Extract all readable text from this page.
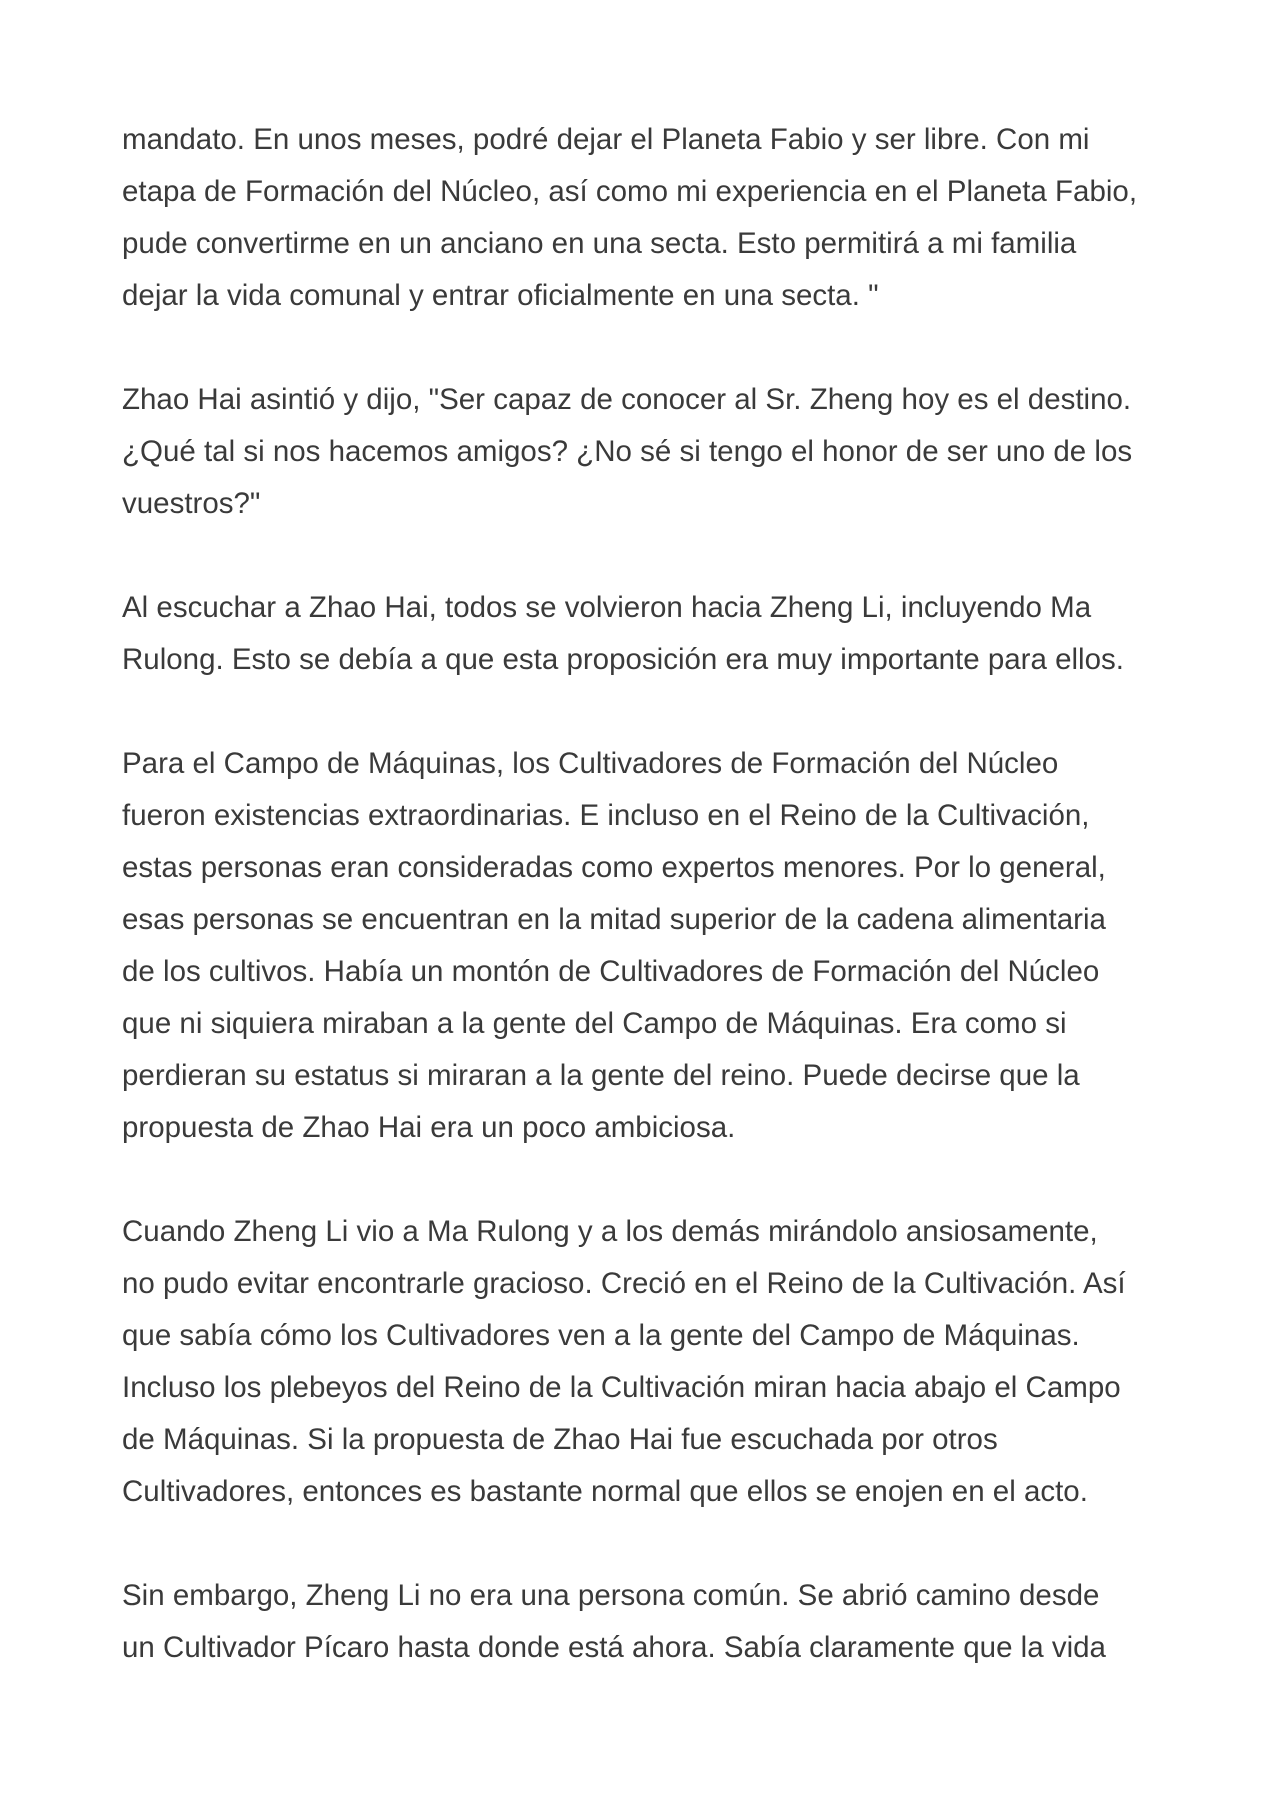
mandato. En unos meses, podré dejar el Planeta Fabio y ser libre. Con mi
etapa de Formación del Núcleo, así como mi experiencia en el Planeta Fabio,
pude convertirme en un anciano en una secta. Esto permitirá a mi familia
dejar la vida comunal y entrar oficialmente en una secta. "

Zhao Hai asintió y dijo, "Ser capaz de conocer al Sr. Zheng hoy es el destino.
¿Qué tal si nos hacemos amigos? ¿No sé si tengo el honor de ser uno de los
vuestros?"

Al escuchar a Zhao Hai, todos se volvieron hacia Zheng Li, incluyendo Ma
Rulong. Esto se debía a que esta proposición era muy importante para ellos.

Para el Campo de Máquinas, los Cultivadores de Formación del Núcleo
fueron existencias extraordinarias. E incluso en el Reino de la Cultivación,
estas personas eran consideradas como expertos menores. Por lo general,
esas personas se encuentran en la mitad superior de la cadena alimentaria
de los cultivos. Había un montón de Cultivadores de Formación del Núcleo
que ni siquiera miraban a la gente del Campo de Máquinas. Era como si
perdieran su estatus si miraran a la gente del reino. Puede decirse que la
propuesta de Zhao Hai era un poco ambiciosa.

Cuando Zheng Li vio a Ma Rulong y a los demás mirándolo ansiosamente,
no pudo evitar encontrarle gracioso. Creció en el Reino de la Cultivación. Así
que sabía cómo los Cultivadores ven a la gente del Campo de Máquinas.
Incluso los plebeyos del Reino de la Cultivación miran hacia abajo el Campo
de Máquinas. Si la propuesta de Zhao Hai fue escuchada por otros
Cultivadores, entonces es bastante normal que ellos se enojen en el acto.

Sin embargo, Zheng Li no era una persona común. Se abrió camino desde
un Cultivador Pícaro hasta donde está ahora. Sabía claramente que la vida
